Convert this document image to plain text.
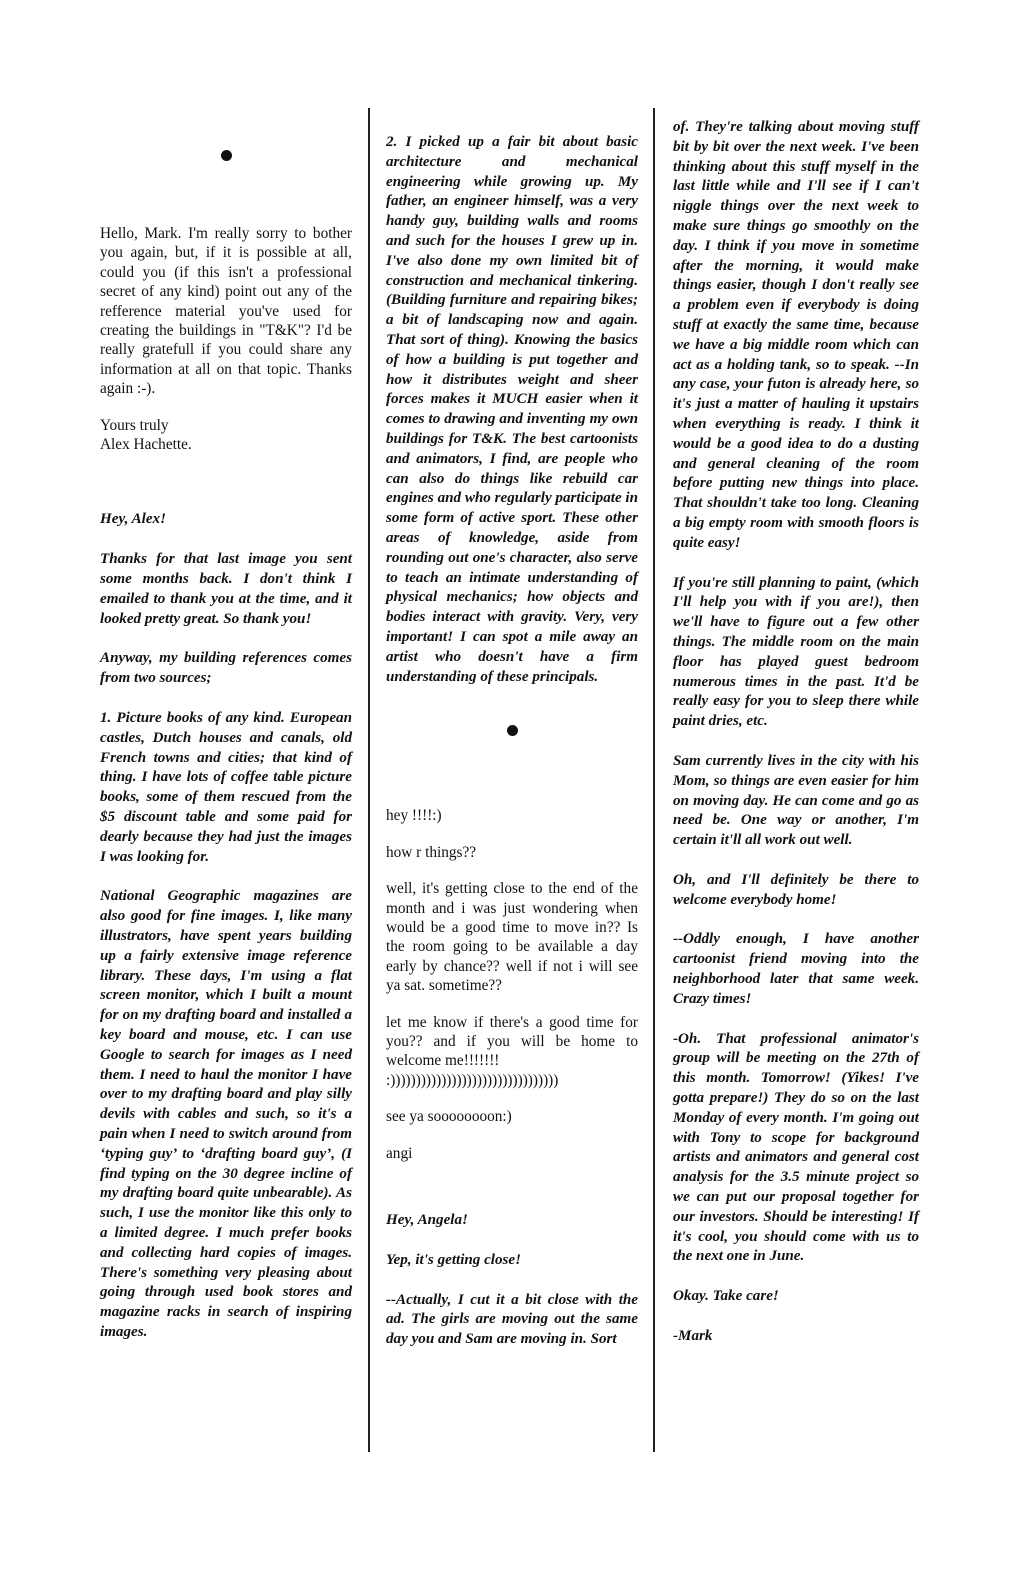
Hello, Mark. I'm really sorry to bother you again, but, if it is possible at all, could you (if this isn't a professional secret of any kind) point out any of the refference material you've used for creating the buildings in "T&K"? I'd be really gratefull if you could share any information at all on that topic. Thanks again :-).

Yours truly

Alex Hachette.

Hey, Alex!

Thanks for that last image you sent some months back. I don't think I emailed to thank you at the time, and it looked pretty great. So thank you!

Anyway, my building references comes from two sources;

1. Picture books of any kind. European castles, Dutch houses and canals, old French towns and cities; that kind of thing. I have lots of coffee table picture books, some of them rescued from the $5 discount table and some paid for dearly because they had just the images I was looking for.

National Geographic magazines are also good for fine images. I, like many illustrators, have spent years building up a fairly extensive image reference library. These days, I'm using a flat screen monitor, which I built a mount for on my drafting board and installed a key board and mouse, etc. I can use Google to search for images as I need them. I need to haul the monitor I have over to my drafting board and play silly devils with cables and such, so it's a pain when I need to switch around from ‘typing guy’ to ‘drafting board guy’, (I find typing on the 30 degree incline of my drafting board quite unbearable). As such, I use the monitor like this only to a limited degree. I much prefer books and collecting hard copies of images. There's something very pleasing about going through used book stores and magazine racks in search of inspiring images.

2. I picked up a fair bit about basic architecture and mechanical engineering while growing up. My father, an engineer himself, was a very handy guy, building walls and rooms and such for the houses I grew up in. I've also done my own limited bit of construction and mechanical tinkering. (Building furniture and repairing bikes; a bit of landscaping now and again. That sort of thing). Knowing the basics of how a building is put together and how it distributes weight and sheer forces makes it MUCH easier when it comes to drawing and inventing my own buildings for T&K. The best cartoonists and animators, I find, are people who can also do things like rebuild car engines and who regularly participate in some form of active sport. These other areas of knowledge, aside from rounding out one's character, also serve to teach an intimate understanding of physical mechanics; how objects and bodies interact with gravity. Very, very important! I can spot a mile away an artist who doesn't have a firm understanding of these principals.

hey !!!!:)

how r things??

well, it's getting close to the end of the month and i was just wondering when would be a good time to move in?? Is the room going to be available a day early by chance?? well if not i will see ya sat. sometime??

let me know if there's a good time for you?? and if you will be home to welcome me!!!!!!!

:)))))))))))))))))))))))))))))))))

see ya soooooooon:)

angi

Hey, Angela!

Yep, it's getting close!

--Actually, I cut it a bit close with the ad. The girls are moving out the same day you and Sam are moving in. Sort

of. They're talking about moving stuff bit by bit over the next week. I've been thinking about this stuff myself in the last little while and I'll see if I can't niggle things over the next week to make sure things go smoothly on the day. I think if you move in sometime after the morning, it would make things easier, though I don't really see a problem even if everybody is doing stuff at exactly the same time, because we have a big middle room which can act as a holding tank, so to speak. --In any case, your futon is already here, so it's just a matter of hauling it upstairs when everything is ready. I think it would be a good idea to do a dusting and general cleaning of the room before putting new things into place. That shouldn't take too long. Cleaning a big empty room with smooth floors is quite easy!

If you're still planning to paint, (which I'll help you with if you are!), then we'll have to figure out a few other things. The middle room on the main floor has played guest bedroom numerous times in the past. It'd be really easy for you to sleep there while paint dries, etc.

Sam currently lives in the city with his Mom, so things are even easier for him on moving day. He can come and go as need be. One way or another, I'm certain it'll all work out well.

Oh, and I'll definitely be there to welcome everybody home!

--Oddly enough, I have another cartoonist friend moving into the neighborhood later that same week. Crazy times!

-Oh. That professional animator's group will be meeting on the 27th of this month. Tomorrow! (Yikes! I've gotta prepare!) They do so on the last Monday of every month. I'm going out with Tony to scope for background artists and animators and general cost analysis for the 3.5 minute project so we can put our proposal together for our investors. Should be interesting! If it's cool, you should come with us to the next one in June.

Okay. Take care!

-Mark
